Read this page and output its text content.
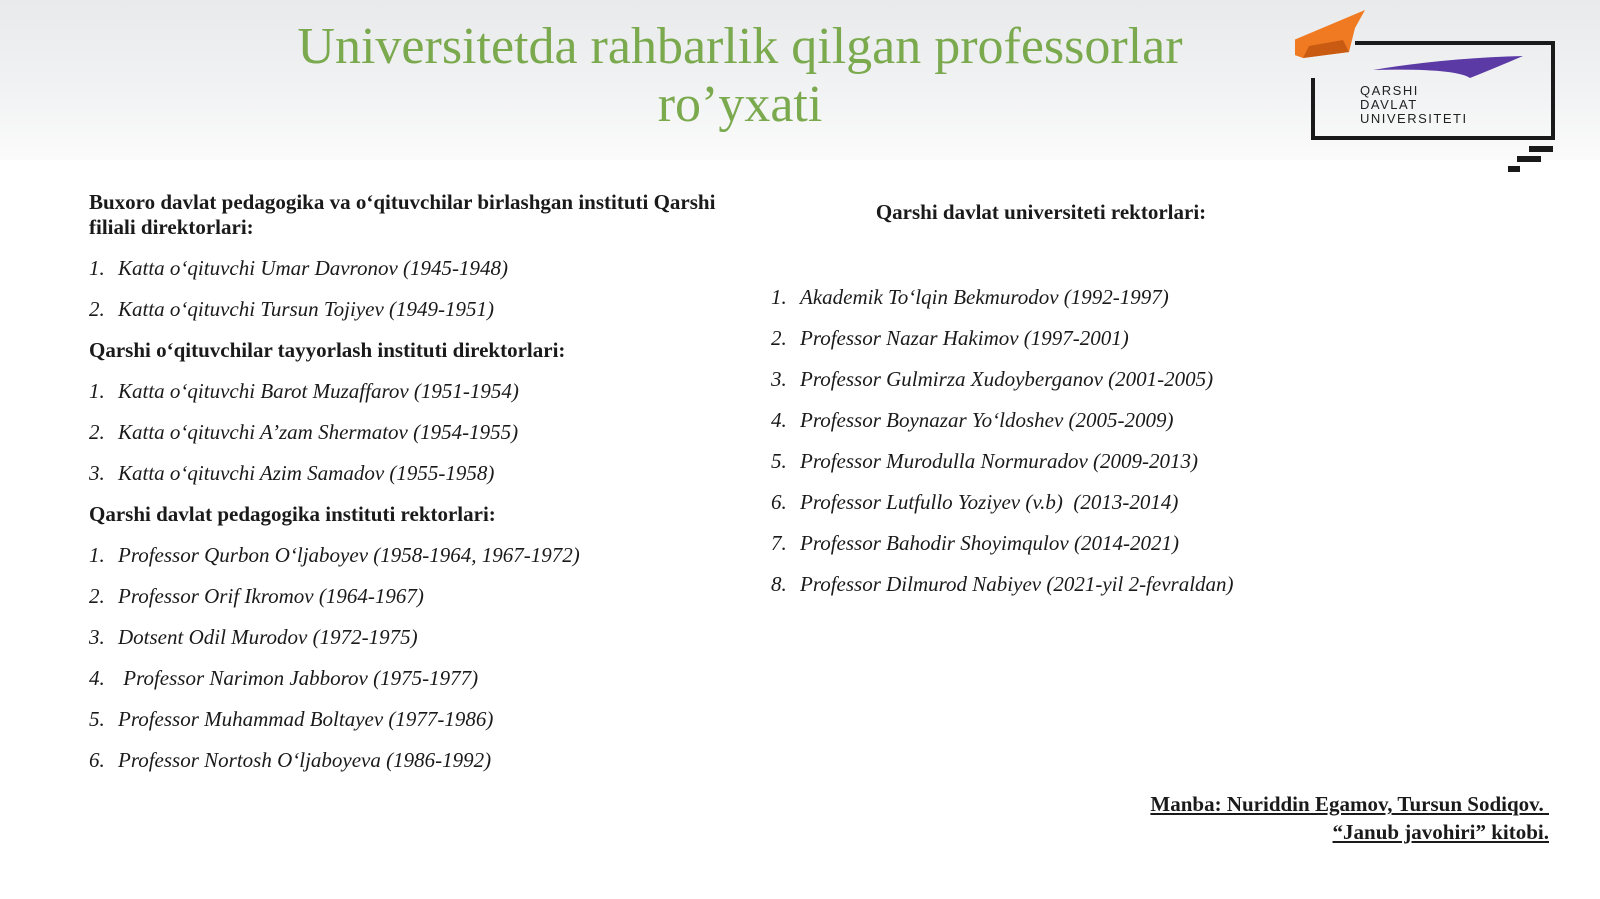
Universitetda rahbarlik qilgan professorlar
ro’yxati	QARSHI
DAVLAT
UNIVERSITETI

Buxoro davlat pedagogika va o‘qituvchilar birlashgan instituti Qarshi filiali direktorlari:

1. Katta o‘qituvchi Umar Davronov (1945-1948)
2. Katta o‘qituvchi Tursun Tojiyev (1949-1951)

Qarshi o‘qituvchilar tayyorlash instituti direktorlari:

1. Katta o‘qituvchi Barot Muzaffarov (1951-1954)
2. Katta o‘qituvchi A’zam Shermatov (1954-1955)
3. Katta o‘qituvchi Azim Samadov (1955-1958)

Qarshi davlat pedagogika instituti rektorlari:

1. Professor Qurbon O‘ljaboyev (1958-1964, 1967-1972)
2. Professor Orif Ikromov (1964-1967)
3. Dotsent Odil Murodov (1972-1975)
4. Professor Narimon Jabborov (1975-1977)
5. Professor Muhammad Boltayev (1977-1986)
6. Professor Nortosh O‘ljaboyeva (1986-1992)

Qarshi davlat universiteti rektorlari:

1. Akademik To‘lqin Bekmurodov (1992-1997)
2. Professor Nazar Hakimov (1997-2001)
3. Professor Gulmirza Xudoyberganov (2001-2005)
4. Professor Boynazar Yo‘ldoshev (2005-2009)
5. Professor Murodulla Normuradov (2009-2013)
6. Professor Lutfullo Yoziyev (v.b)  (2013-2014)
7. Professor Bahodir Shoyimqulov (2014-2021)
8. Professor Dilmurod Nabiyev (2021-yil 2-fevraldan)
Manba: Nuriddin Egamov, Tursun Sodiqov.
“Janub javohiri” kitobi.
